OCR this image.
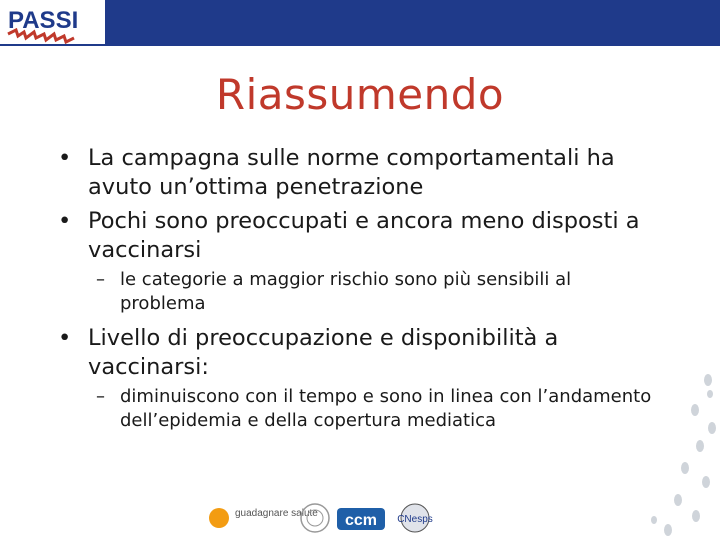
PASSI
Riassumendo
• La campagna sulle norme comportamentali ha avuto un’ottima penetrazione
• Pochi sono preoccupati e ancora meno disposti a vaccinarsi
– le categorie a maggior rischio sono più sensibili al problema
• Livello di preoccupazione e disponibilità a vaccinarsi:
– diminuiscono con il tempo e sono in linea con l’andamento dell’epidemia e della copertura mediatica
guadagnare salute ccm CNesps
